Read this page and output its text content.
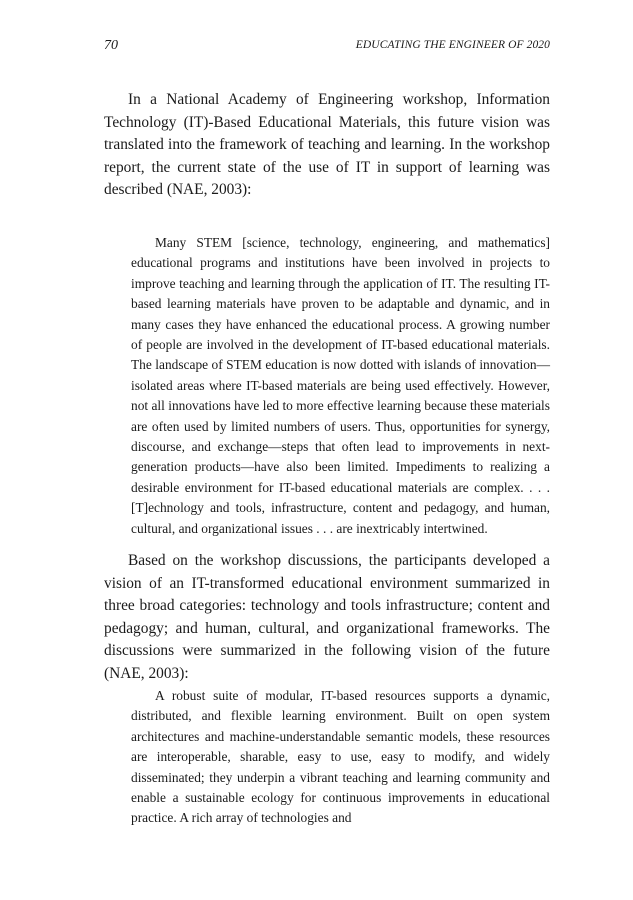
70	EDUCATING THE ENGINEER OF 2020

In a National Academy of Engineering workshop, Information Technology (IT)-Based Educational Materials, this future vision was translated into the framework of teaching and learning. In the workshop report, the current state of the use of IT in support of learning was described (NAE, 2003):

Many STEM [science, technology, engineering, and mathematics] educational programs and institutions have been involved in projects to improve teaching and learning through the application of IT. The resulting IT-based learning materials have proven to be adaptable and dynamic, and in many cases they have enhanced the educational process. A growing number of people are involved in the development of IT-based educational materials. The landscape of STEM education is now dotted with islands of innovation—isolated areas where IT-based materials are being used effectively. However, not all innovations have led to more effective learning because these materials are often used by limited numbers of users. Thus, opportunities for synergy, discourse, and exchange—steps that often lead to improvements in next-generation products—have also been limited. Impediments to realizing a desirable environment for IT-based educational materials are complex. . . . [T]echnology and tools, infrastructure, content and pedagogy, and human, cultural, and organizational issues . . . are inextricably intertwined.

Based on the workshop discussions, the participants developed a vision of an IT-transformed educational environment summarized in three broad categories: technology and tools infrastructure; content and pedagogy; and human, cultural, and organizational frameworks. The discussions were summarized in the following vision of the future (NAE, 2003):

A robust suite of modular, IT-based resources supports a dynamic, distributed, and flexible learning environment. Built on open system architectures and machine-understandable semantic models, these resources are interoperable, sharable, easy to use, easy to modify, and widely disseminated; they underpin a vibrant teaching and learning community and enable a sustainable ecology for continuous improvements in educational practice. A rich array of technologies and
